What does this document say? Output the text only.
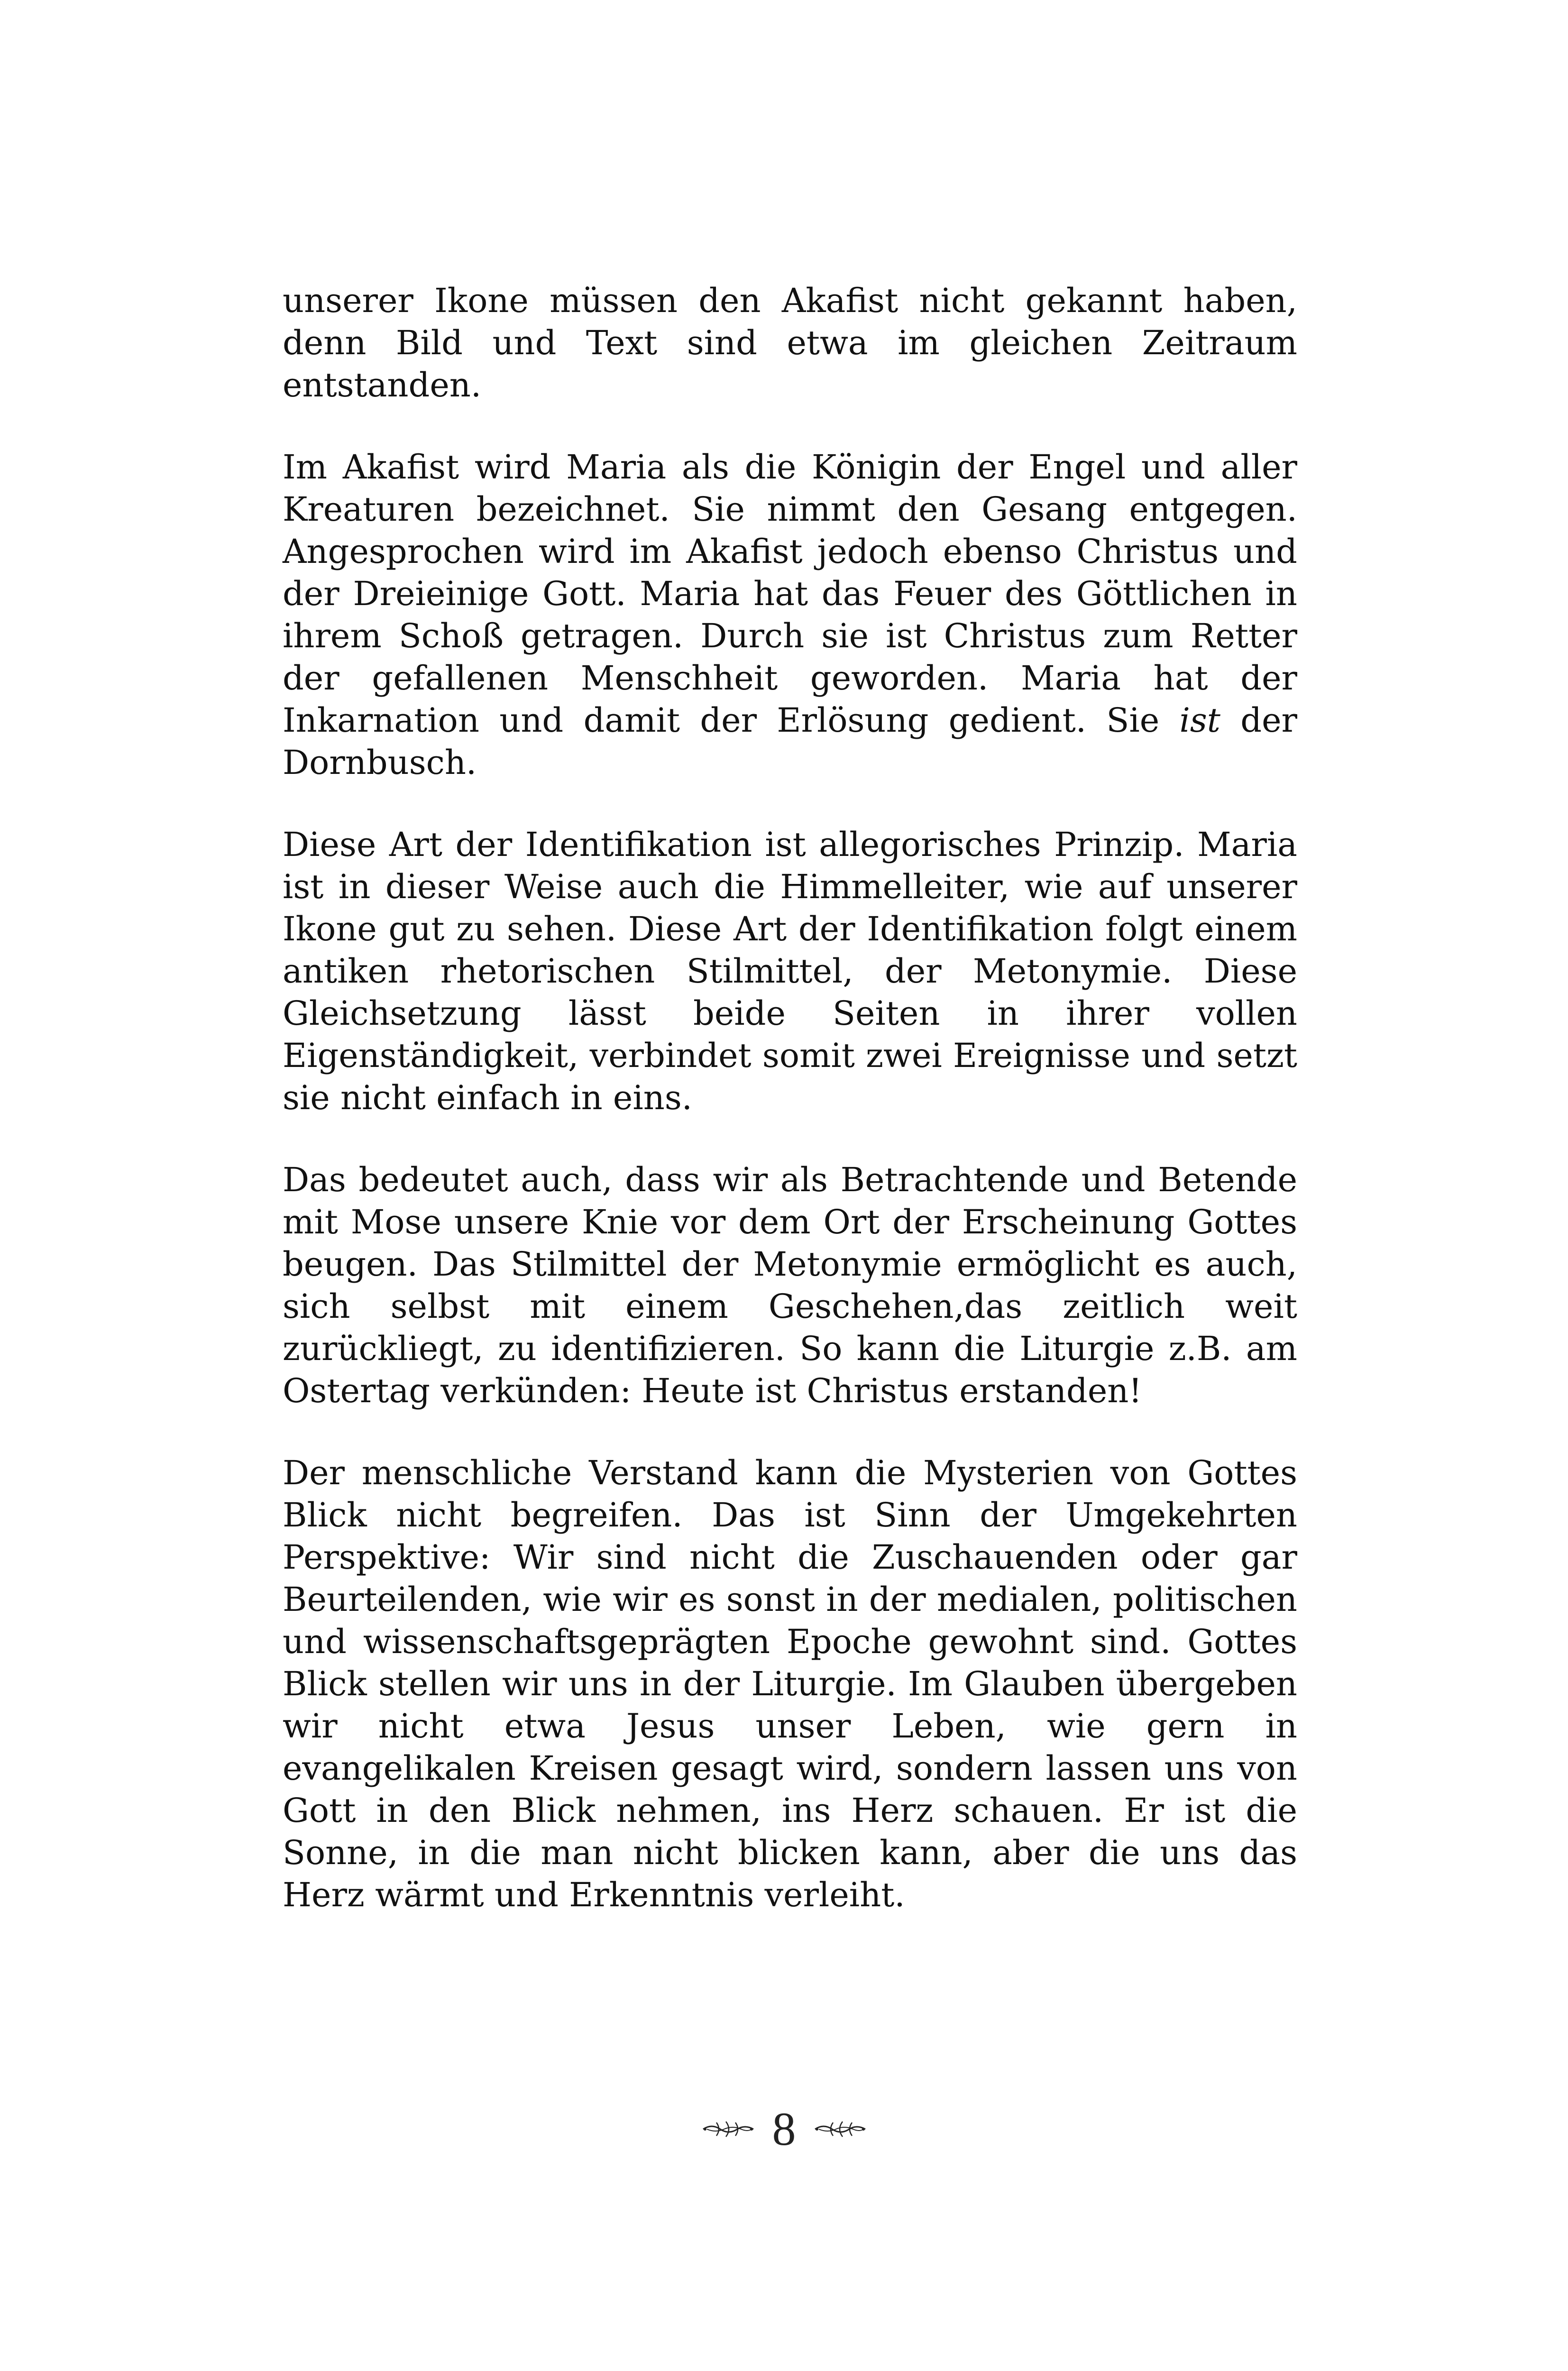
unserer Ikone müssen den Akafist nicht gekannt haben, denn Bild und Text sind etwa im gleichen Zeitraum entstanden.

Im Akafist wird Maria als die Königin der Engel und aller Kreaturen bezeichnet. Sie nimmt den Gesang entgegen. Angesprochen wird im Akafist jedoch ebenso Christus und der Dreieinige Gott. Maria hat das Feuer des Göttlichen in ihrem Schoß getragen. Durch sie ist Christus zum Retter der gefallenen Menschheit geworden. Maria hat der Inkarnation und damit der Erlösung gedient. Sie ist der Dornbusch.

Diese Art der Identifikation ist allegorisches Prinzip. Maria ist in dieser Weise auch die Himmelleiter, wie auf unserer Ikone gut zu sehen. Diese Art der Identifikation folgt einem antiken rhetorischen Stilmittel, der Metonymie. Diese Gleichsetzung lässt beide Seiten in ihrer vollen Eigenständigkeit, verbindet somit zwei Ereignisse und setzt sie nicht einfach in eins.

Das bedeutet auch, dass wir als Betrachtende und Betende mit Mose unsere Knie vor dem Ort der Erscheinung Gottes beugen. Das Stilmittel der Metonymie ermöglicht es auch, sich selbst mit einem Geschehen,das zeitlich weit zurückliegt, zu identifizieren. So kann die Liturgie z.B. am Ostertag verkünden: Heute ist Christus erstanden!

Der menschliche Verstand kann die Mysterien von Gottes Blick nicht begreifen. Das ist Sinn der Umgekehrten Perspektive: Wir sind nicht die Zuschauenden oder gar Beurteilenden, wie wir es sonst in der medialen, politischen und wissenschaftsgeprägten Epoche gewohnt sind. Gottes Blick stellen wir uns in der Liturgie. Im Glauben übergeben wir nicht etwa Jesus unser Leben, wie gern in evangelikalen Kreisen gesagt wird, sondern lassen uns von Gott in den Blick nehmen, ins Herz schauen. Er ist die Sonne, in die man nicht blicken kann, aber die uns das Herz wärmt und Erkenntnis verleiht.

8
